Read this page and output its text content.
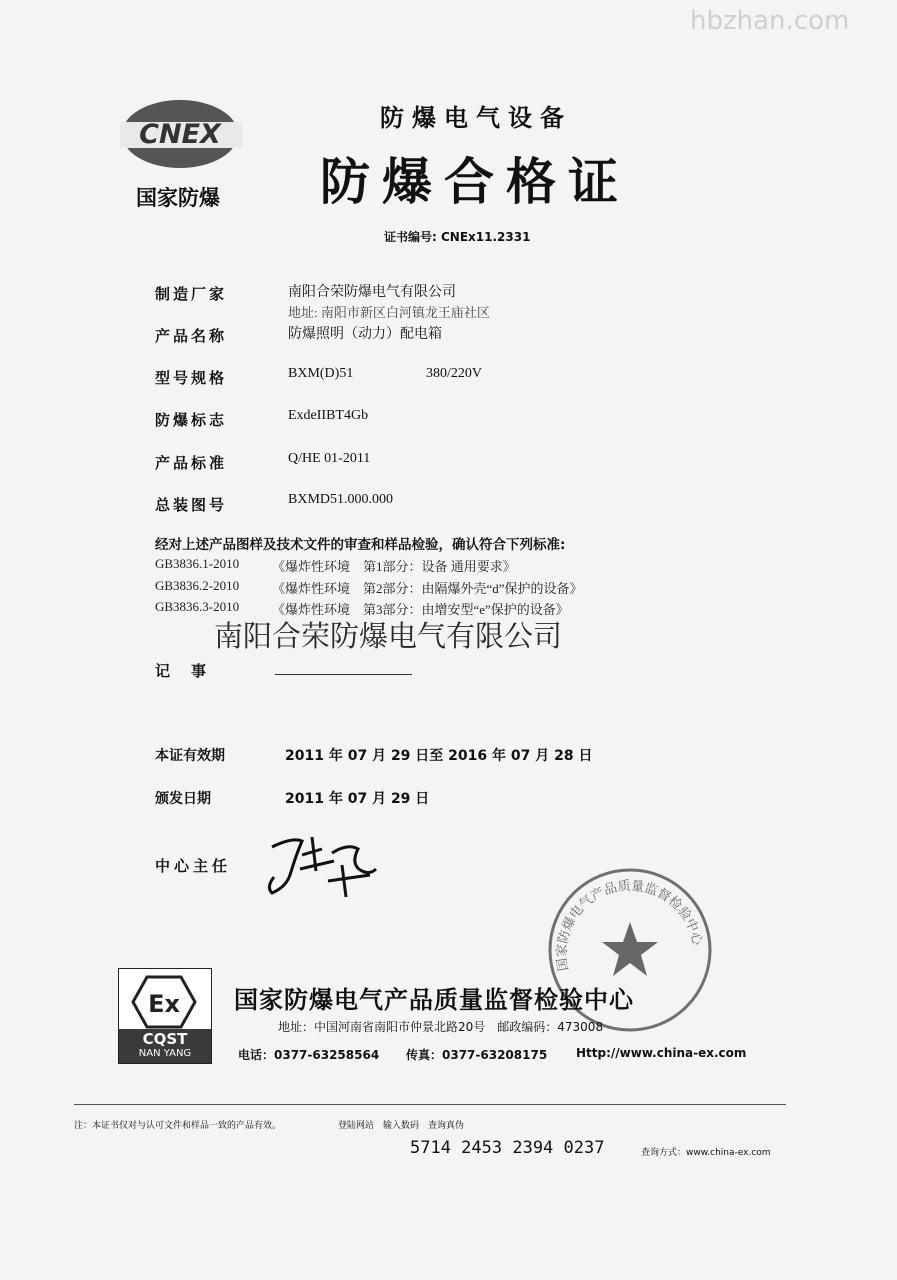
hbzhan.com
CNEX
国家防爆
防爆电气设备
防爆合格证
证书编号: CNEx11.2331
制造厂家	南阳合荣防爆电气有限公司
地址: 南阳市新区白河镇龙王庙社区
产品名称	防爆照明（动力）配电箱
型号规格	BXM(D)51	380/220V
防爆标志	ExdeIIBT4Gb
产品标准	Q/HE 01-2011
总装图号	BXMD51.000.000
经对上述产品图样及技术文件的审查和样品检验，确认符合下列标准:
GB3836.1-2010	《爆炸性环境　第1部分：设备 通用要求》
GB3836.2-2010	《爆炸性环境　第2部分：由隔爆外壳“d”保护的设备》
GB3836.3-2010	《爆炸性环境　第3部分：由增安型“e”保护的设备》
南阳合荣防爆电气有限公司
记　事
本证有效期	2011 年 07 月 29 日至 2016 年 07 月 28 日
颁发日期	2011 年 07 月 29 日
中心主任
国家防爆电气产品质量监督检验中心
Ex
CQST
NAN YANG
国家防爆电气产品质量监督检验中心
地址：中国河南省南阳市仲景北路20号　邮政编码：473008
电话：0377-63258564 传真：0377-63208175 Http://www.china-ex.com
注：本证书仅对与认可文件和样品一致的产品有效。	登陆网站　输入数码　查询真伪
5714 2453 2394 0237	查询方式：www.china-ex.com
